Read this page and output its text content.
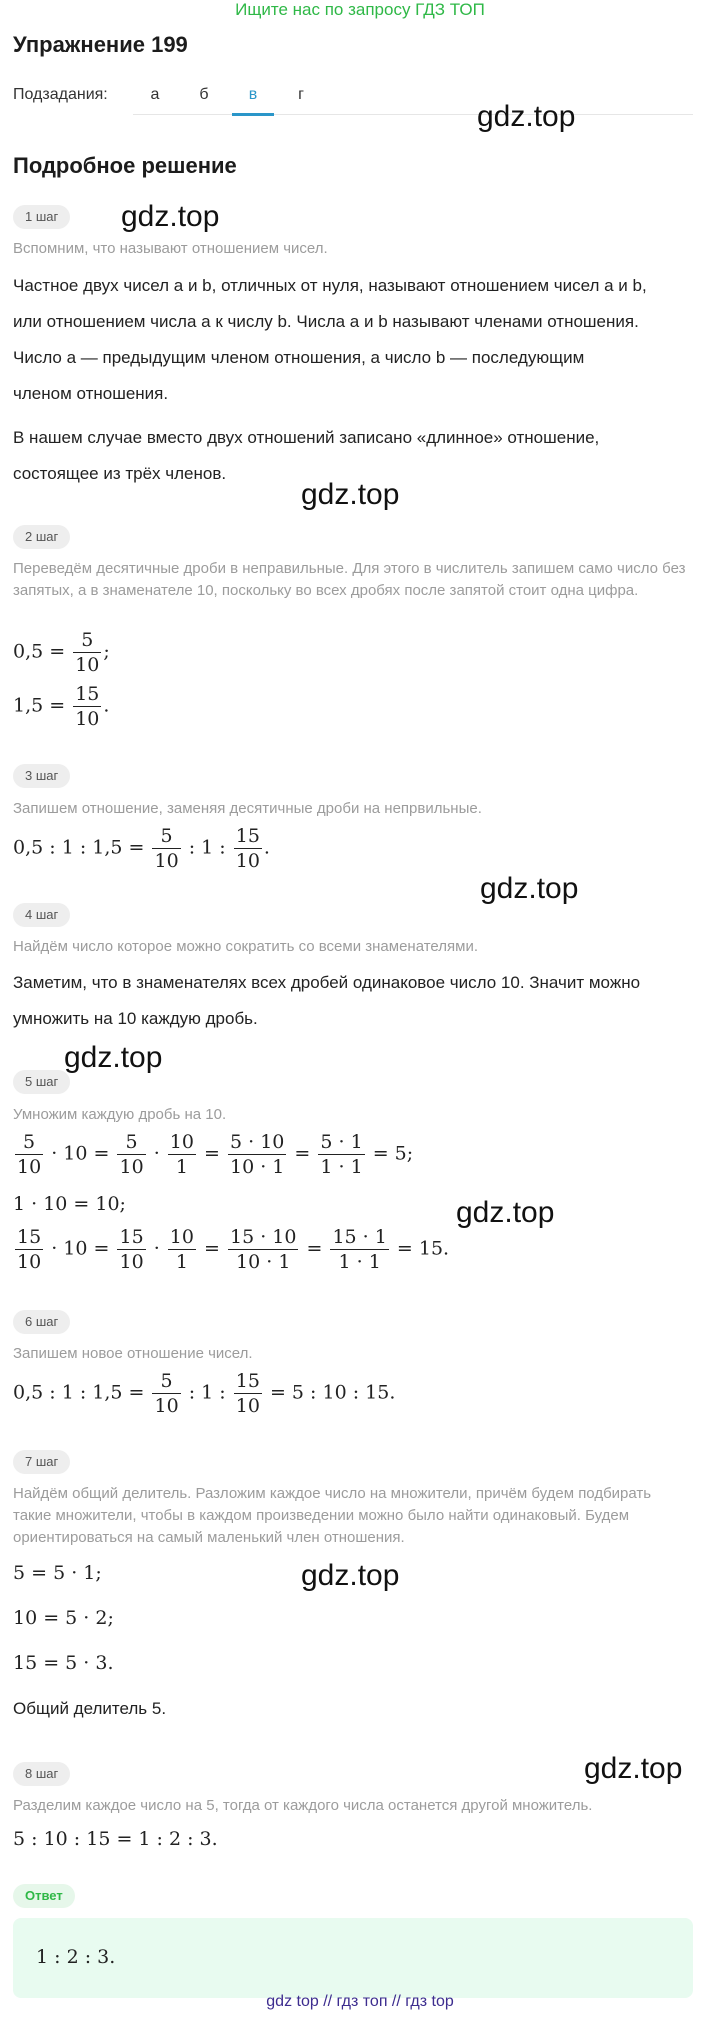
Ищите нас по запросу ГДЗ ТОП
Упражнение 199
Подзадания:	а	б	в	г
Подробное решение
1 шаг
Вспомним, что называют отношением чисел.
Частное двух чисел a и b, отличных от нуля, называют отношением чисел a и b,
или отношением числа a к числу b. Числа a и b называют членами отношения.
Число a — предыдущим членом отношения, а число b — последующим
членом отношения.
В нашем случае вместо двух отношений записано «длинное» отношение,
состоящее из трёх членов.
2 шаг
Переведём десятичные дроби в неправильные. Для этого в числитель запишем само число без запятых, а в знаменателе 10, поскольку во всех дробях после запятой стоит одна цифра.
$0,5 = \frac{5}{10}$ ;
$1,5 = \frac{15}{10}$ .
3 шаг
Запишем отношение, заменяя десятичные дроби на непрвильные.
0,5 : 1 : $1,5 = \frac{5}{10}$ : 1 : $\frac{15}{10}$ .
4 шаг
Найдём число которое можно сократить со всеми знаменателями.
Заметим, что в знаменателях всех дробей одинаковое число 10. Значит можно
умножить на 10 каждую дробь.
5 шаг
Умножим каждую дробь на 10.
$\frac{5}{10} \cdot 10 = \frac{5}{10} \cdot \frac{10}{1} = \frac{5 \cdot 10}{10 \cdot 1} = \frac{5 \cdot 1}{1 \cdot 1} = 5$;
1 · 10 = 10;
$\frac{15}{10} \cdot 10 = \frac{15}{10} \cdot \frac{10}{1} = \frac{15 \cdot 10}{10 \cdot 1} = \frac{15 \cdot 1}{1 \cdot 1} = 15$.
6 шаг
Запишем новое отношение чисел.
0,5 : 1 : $1,5 = \frac{5}{10}$ : 1 : $\frac{15}{10} = 5$ : 10 : 15.
7 шаг
Найдём общий делитель. Разложим каждое число на множители, причём будем подбирать такие множители, чтобы в каждом произведении можно было найти одинаковый. Будем ориентироваться на самый маленький член отношения.
5 = 5 · 1;
10 = 5 · 2;
15 = 5 · 3.
Общий делитель 5.
8 шаг
Разделим каждое число на 5, тогда от каждого числа останется другой множитель.
5 : 10 : 15 = 1 : 2 : 3.
Ответ
1 : 2 : 3.
gdz.top
gdz.top
gdz.top
gdz.top
gdz.top
gdz.top
gdz.top
gdz.top
gdz top // гдз топ // гдз top
